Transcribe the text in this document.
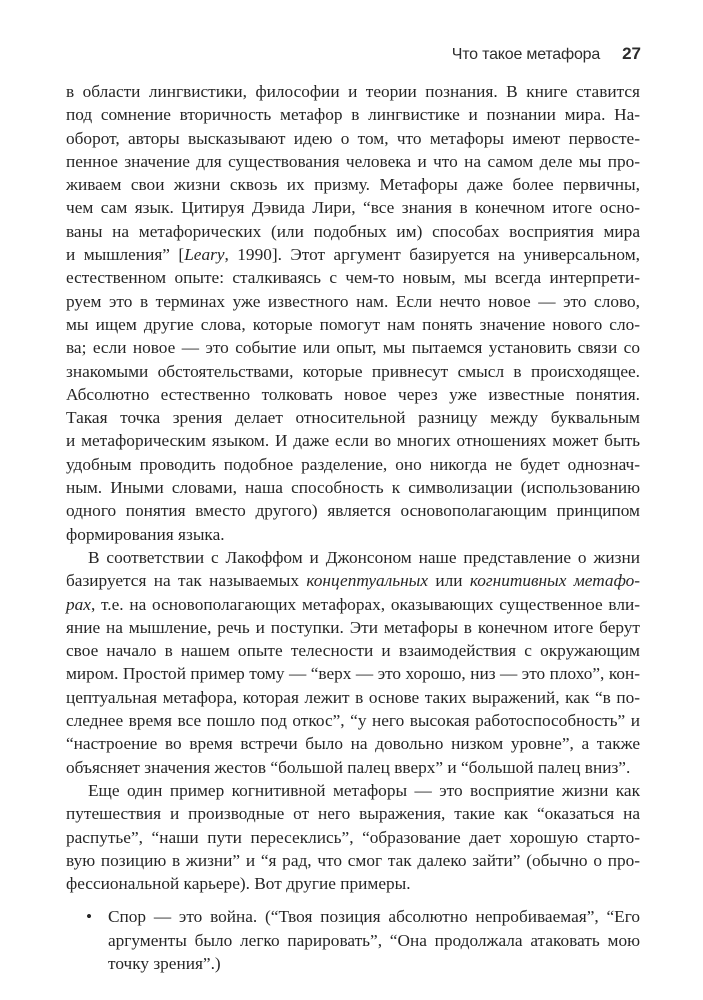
Что такое метафора 27
в области лингвистики, философии и теории познания. В книге ставится
под сомнение вторичность метафор в лингвистике и познании мира. На-
оборот, авторы высказывают идею о том, что метафоры имеют первосте-
пенное значение для существования человека и что на самом деле мы про-
живаем свои жизни сквозь их призму. Метафоры даже более первичны,
чем сам язык. Цитируя Дэвида Лири, “все знания в конечном итоге осно-
ваны на метафорических (или подобных им) способах восприятия мира
и мышления” [Leary, 1990]. Этот аргумент базируется на универсальном,
естественном опыте: сталкиваясь с чем-то новым, мы всегда интерпрети-
руем это в терминах уже известного нам. Если нечто новое — это слово,
мы ищем другие слова, которые помогут нам понять значение нового сло-
ва; если новое — это событие или опыт, мы пытаемся установить связи со
знакомыми обстоятельствами, которые привнесут смысл в происходящее.
Абсолютно естественно толковать новое через уже известные понятия.
Такая точка зрения делает относительной разницу между буквальным
и метафорическим языком. И даже если во многих отношениях может быть
удобным проводить подобное разделение, оно никогда не будет однознач-
ным. Иными словами, наша способность к символизации (использованию
одного понятия вместо другого) является основополагающим принципом
формирования языка.
В соответствии с Лакоффом и Джонсоном наше представление о жизни
базируется на так называемых концептуальных или когнитивных метафо-
рах, т.е. на основополагающих метафорах, оказывающих существенное вли-
яние на мышление, речь и поступки. Эти метафоры в конечном итоге берут
свое начало в нашем опыте телесности и взаимодействия с окружающим
миром. Простой пример тому — “верх — это хорошо, низ — это плохо”, кон-
цептуальная метафора, которая лежит в основе таких выражений, как “в по-
следнее время все пошло под откос”, “у него высокая работоспособность” и
“настроение во время встречи было на довольно низком уровне”, а также
объясняет значения жестов “большой палец вверх” и “большой палец вниз”.
Еще один пример когнитивной метафоры — это восприятие жизни как
путешествия и производные от него выражения, такие как “оказаться на
распутье”, “наши пути пересеклись”, “образование дает хорошую старто-
вую позицию в жизни” и “я рад, что смог так далеко зайти” (обычно о про-
фессиональной карьере). Вот другие примеры.
• Спор — это война. (“Твоя позиция абсолютно непробиваемая”, “Его
аргументы было легко парировать”, “Она продолжала атаковать мою
точку зрения”.)
